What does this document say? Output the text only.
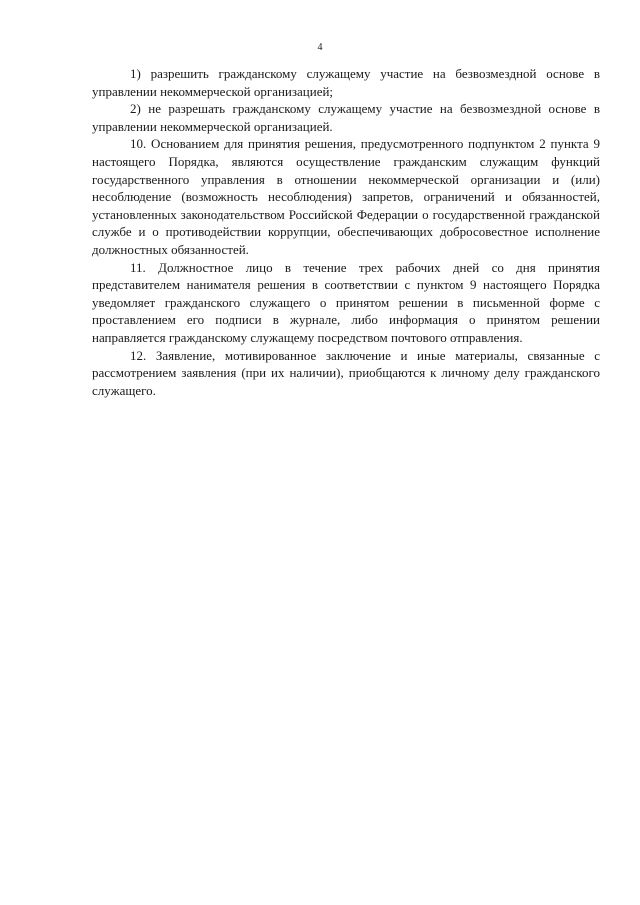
4

1) разрешить гражданскому служащему участие на безвозмездной основе в управлении некоммерческой организацией;

2) не разрешать гражданскому служащему участие на безвозмездной основе в управлении некоммерческой организацией.

10. Основанием для принятия решения, предусмотренного подпунктом 2 пункта 9 настоящего Порядка, являются осуществление гражданским служащим функций государственного управления в отношении некоммерческой организации и (или) несоблюдение (возможность несоблюдения) запретов, ограничений и обязанностей, установленных законодательством Российской Федерации о государственной гражданской службе и о противодействии коррупции, обеспечивающих добросовестное исполнение должностных обязанностей.

11. Должностное лицо в течение трех рабочих дней со дня принятия представителем нанимателя решения в соответствии с пунктом 9 настоящего Порядка уведомляет гражданского служащего о принятом решении в письменной форме с проставлением его подписи в журнале, либо информация о принятом решении направляется гражданскому служащему посредством почтового отправления.

12. Заявление, мотивированное заключение и иные материалы, связанные с рассмотрением заявления (при их наличии), приобщаются к личному делу гражданского служащего.
